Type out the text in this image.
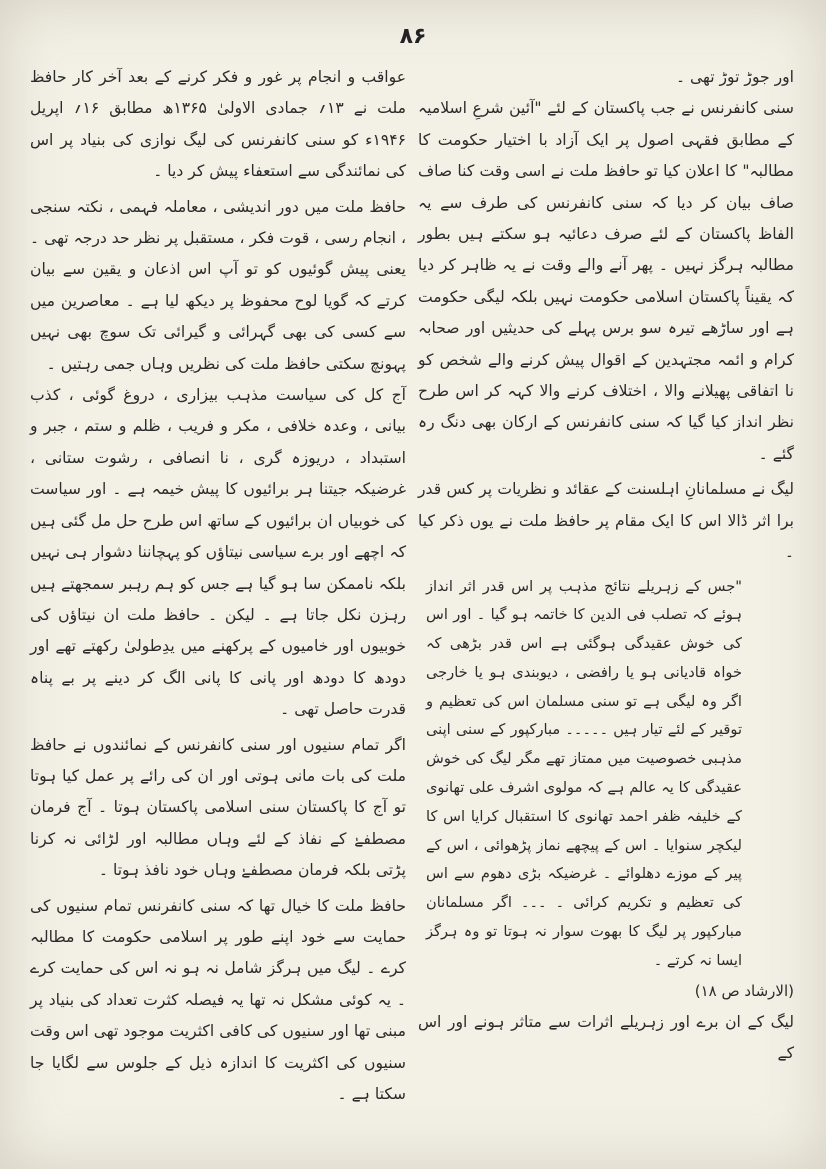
۸۶

اور جوڑ توڑ تھی ۔

سنی کانفرنس نے جب پاکستان کے لئے "آئین شرعِ اسلامیہ کے مطابق فقہی اصول پر ایک آزاد با اختیار حکومت کا مطالبہ" کا اعلان کیا تو حافظ ملت نے اسی وقت کنا صاف صاف بیان کر دیا کہ سنی کانفرنس کی طرف سے یہ الفاظ پاکستان کے لئے صرف دعائیہ ہو سکتے ہیں بطور مطالبہ ہرگز نہیں ۔ پھر آنے والے وقت نے یہ ظاہر کر دیا کہ یقیناً پاکستان اسلامی حکومت نہیں بلکہ لیگی حکومت ہے اور ساڑھے تیرہ سو برس پہلے کی حدیثیں اور صحابہ کرام و ائمہ مجتہدین کے اقوال پیش کرنے والے شخص کو نا اتفاقی پھیلانے والا ، اختلاف کرنے والا کہہ کر اس طرح نظر انداز کیا گیا کہ سنی کانفرنس کے ارکان بھی دنگ رہ گئے ۔

لیگ نے مسلمانانِ اہلسنت کے عقائد و نظریات پر کس قدر برا اثر ڈالا اس کا ایک مقام پر حافظ ملت نے یوں ذکر کیا ۔

"جس کے زہریلے نتائج مذہب پر اس قدر اثر انداز ہوئے کہ تصلب فی الدین کا خاتمہ ہو گیا ۔ اور اس کی خوش عقیدگی ہوگئی ہے اس قدر بڑھی کہ خواہ قادیانی ہو یا رافضی ، دیوبندی ہو یا خارجی اگر وہ لیگی ہے تو سنی مسلمان اس کی تعظیم و توقیر کے لئے تیار ہیں ۔۔۔۔۔ مبارکپور کے سنی اپنی مذہبی خصوصیت میں ممتاز تھے مگر لیگ کی خوش عقیدگی کا یہ عالم ہے کہ مولوی اشرف علی تھانوی کے خلیفہ ظفر احمد تھانوی کا استقبال کرایا اس کا لیکچر سنوایا ۔ اس کے پیچھے نماز پڑھوائی ، اس کے پیر کے موزے دھلوائے ۔ غرضیکہ بڑی دھوم سے اس کی تعظیم و تکریم کرائی ۔ ۔۔۔ اگر مسلمانان مبارکپور پر لیگ کا بھوت سوار نہ ہوتا تو وہ ہرگز ایسا نہ کرتے ۔

(الارشاد ص ۱۸)

لیگ کے ان برے اور زہریلے اثرات سے متاثر ہونے اور اس کے

عواقب و انجام پر غور و فکر کرنے کے بعد آخر کار حافظ ملت نے ۱۳؍ جمادی الاولیٰ ۱۳۶۵ھ مطابق ۱۶؍ اپریل ۱۹۴۶ء کو سنی کانفرنس کی لیگ نوازی کی بنیاد پر اس کی نمائندگی سے استعفاء پیش کر دیا ۔

حافظ ملت میں دور اندیشی ، معاملہ فہمی ، نکتہ سنجی ، انجام رسی ، قوت فکر ، مستقبل پر نظر حد درجہ تھی ۔ یعنی پیش گوئیوں کو تو آپ اس اذعان و یقین سے بیان کرتے کہ گویا لوح محفوظ پر دیکھ لیا ہے ۔ معاصرین میں سے کسی کی بھی گہرائی و گیرائی تک سوچ بھی نہیں پہونچ سکتی حافظ ملت کی نظریں وہاں جمی رہتیں ۔

آج کل کی سیاست مذہب بیزاری ، دروغ گوئی ، کذب بیانی ، وعدہ خلافی ، مکر و فریب ، ظلم و ستم ، جبر و استبداد ، دریوزہ گری ، نا انصافی ، رشوت ستانی ، غرضیکہ جیتنا ہر برائیوں کا پیش خیمہ ہے ۔ اور سیاست کی خوبیاں ان برائیوں کے ساتھ اس طرح حل مل گئی ہیں کہ اچھے اور برے سیاسی نیتاؤں کو پہچاننا دشوار ہی نہیں بلکہ ناممکن سا ہو گیا ہے جس کو ہم رہبر سمجھتے ہیں رہزن نکل جاتا ہے ۔ لیکن ۔ حافظ ملت ان نیتاؤں کی خوبیوں اور خامیوں کے پرکھنے میں یدِطولیٰ رکھتے تھے اور دودھ کا دودھ اور پانی کا پانی الگ کر دینے پر بے پناہ قدرت حاصل تھی ۔

اگر تمام سنیوں اور سنی کانفرنس کے نمائندوں نے حافظ ملت کی بات مانی ہوتی اور ان کی رائے پر عمل کیا ہوتا تو آج کا پاکستان سنی اسلامی پاکستان ہوتا ۔ آج فرمان مصطفےٰ کے نفاذ کے لئے وہاں مطالبہ اور لڑائی نہ کرنا پڑتی بلکہ فرمان مصطفےٰ وہاں خود نافذ ہوتا ۔

حافظ ملت کا خیال تھا کہ سنی کانفرنس تمام سنیوں کی حمایت سے خود اپنے طور پر اسلامی حکومت کا مطالبہ کرے ۔ لیگ میں ہرگز شامل نہ ہو نہ اس کی حمایت کرے ۔ یہ کوئی مشکل نہ تھا یہ فیصلہ کثرت تعداد کی بنیاد پر مبنی تھا اور سنیوں کی کافی اکثریت موجود تھی اس وقت سنیوں کی اکثریت کا اندازہ ذیل کے جلوس سے لگایا جا سکتا ہے ۔
